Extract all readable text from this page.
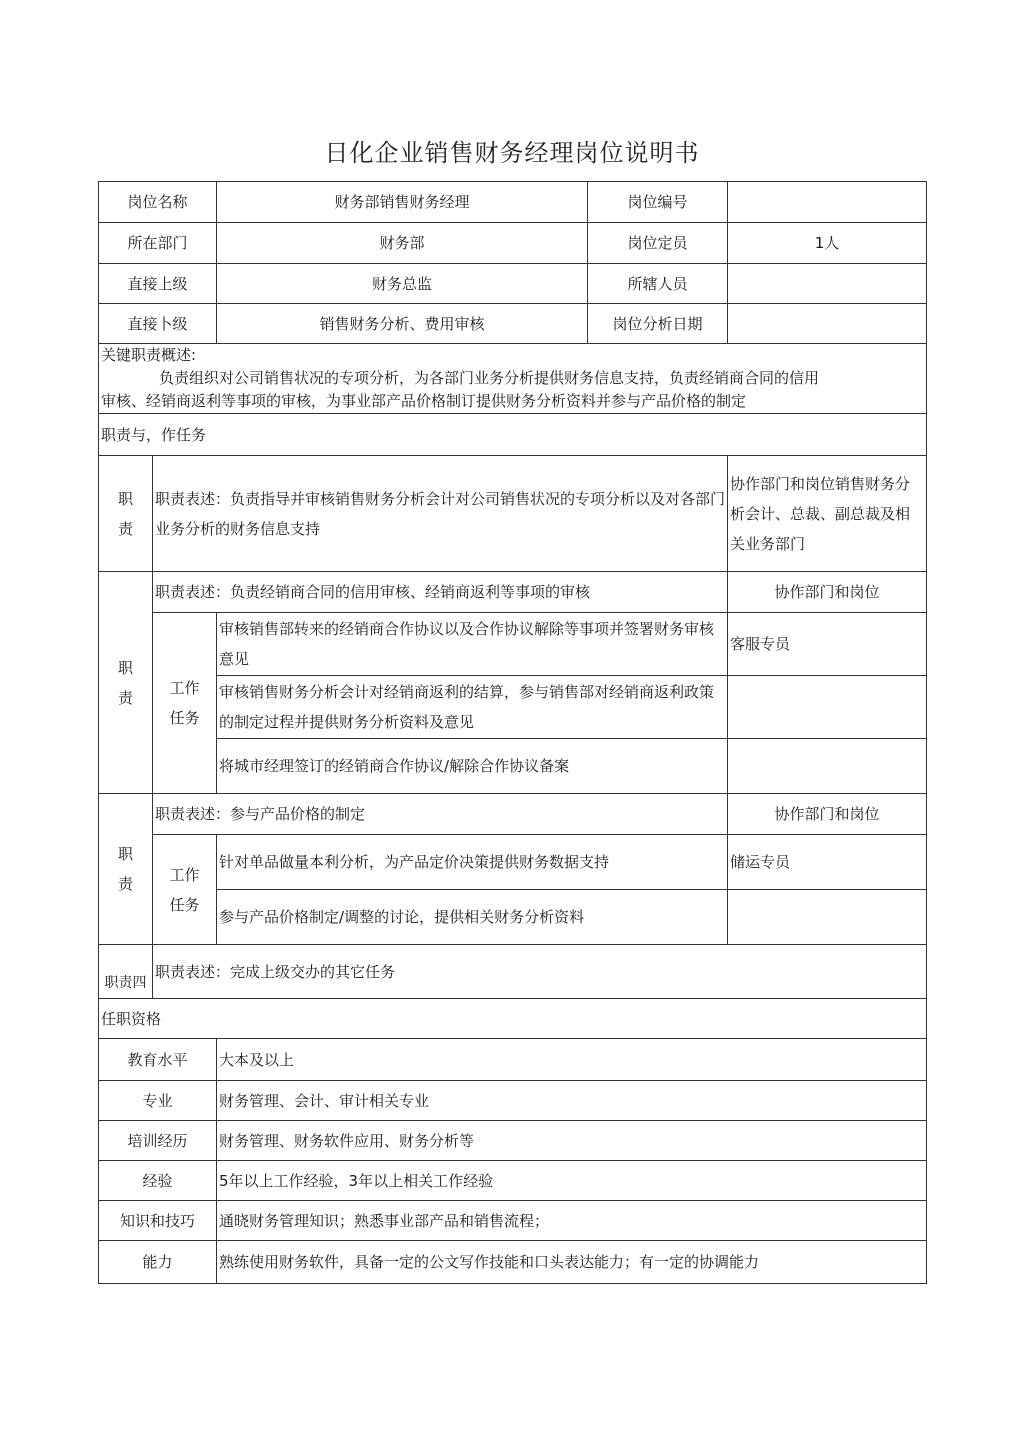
日化企业销售财务经理岗位说明书
岗位名称		财务部销售财务经理	岗位编号	
所在部门		财务部	岗位定员	1人
直接上级		财务总监	所辖人员	
直接卜级		销售财务分析、费用审核	岗位分析日期	

关键职责概述:
负责组织对公司销售状况的专项分析，为各部门业务分析提供财务信息支持，负责经销商合同的信用
审核、经销商返利等事项的审核，为事业部产品价格制订提供财务分析资料并参与产品价格的制定				

职责与，作任务				

职
责	职责表述：负责指导并审核销售财务分析会计对公司销售状况的专项分析以及对各部门业务分析的财务信息支持			协作部门和岗位销售财务分析会计、总裁、副总裁及相关业务部门

职
责	职责表述：负责经销商合同的信用审核、经销商返利等事项的审核			协作部门和岗位

	工作
任务	审核销售部转来的经销商合作协议以及合作协议解除等事项并签署财务审核意见		客服专员
		审核销售财务分析会计对经销商返利的结算，参与销售部对经销商返利政策的制定过程并提供财务分析资料及意见		
		将城市经理签订的经销商合作协议/解除合作协议备案		

职
责	职责表述：参与产品价格的制定			协作部门和岗位

	工作
任务	针对单品做量本利分析，为产品定价决策提供财务数据支持		储运专员
		参与产品价格制定/调整的讨论，提供相关财务分析资料		
职责四	职责表述：完成上级交办的其它任务			
任职资格				
教育水平		大本及以上		
专业		财务管理、会计、审计相关专业		
培训经历		财务管理、财务软件应用、财务分析等		
经验		5年以上工作经验，3年以上相关工作经验		
知识和技巧		通晓财务管理知识；熟悉事业部产品和销售流程；		
能力		熟练使用财务软件，具备一定的公文写作技能和口头表达能力；有一定的协调能力		
